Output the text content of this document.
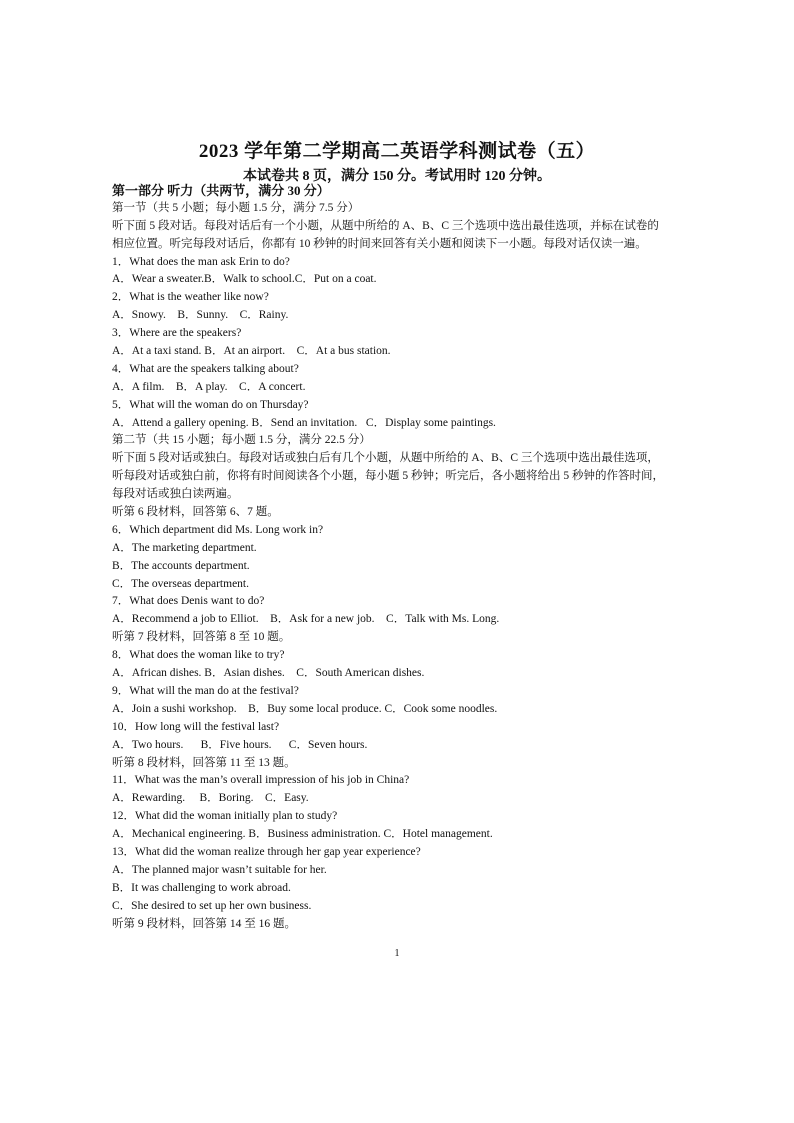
2023 学年第二学期高二英语学科测试卷（五）
本试卷共 8 页，满分 150 分。考试用时 120 分钟。
第一部分 听力（共两节，满分 30 分）
第一节（共 5 小题；每小题 1.5 分，满分 7.5 分）
听下面 5 段对话。每段对话后有一个小题，从题中所给的 A、B、C 三个选项中选出最佳选项，并标在试卷的
相应位置。听完每段对话后，你都有 10 秒钟的时间来回答有关小题和阅读下一小题。每段对话仅读一遍。
1．What does the man ask Erin to do?
A．Wear a sweater.B．Walk to school.C．Put on a coat.
2．What is the weather like now?
A．Snowy.    B．Sunny.    C．Rainy.
3．Where are the speakers?
A．At a taxi stand. B．At an airport.    C．At a bus station.
4．What are the speakers talking about?
A．A film.    B．A play.    C．A concert.
5．What will the woman do on Thursday?
A．Attend a gallery opening. B．Send an invitation.   C．Display some paintings.
第二节（共 15 小题；每小题 1.5 分，满分 22.5 分）
听下面 5 段对话或独白。每段对话或独白后有几个小题，从题中所给的 A、B、C 三个选项中选出最佳选项，
听每段对话或独白前，你将有时间阅读各个小题，每小题 5 秒钟；听完后，各小题将给出 5 秒钟的作答时间，
每段对话或独白读两遍。
听第 6 段材料，回答第 6、7 题。
6．Which department did Ms. Long work in?
A．The marketing department.
B．The accounts department.
C．The overseas department.
7．What does Denis want to do?
A．Recommend a job to Elliot.    B．Ask for a new job.    C．Talk with Ms. Long.
听第 7 段材料，回答第 8 至 10 题。
8．What does the woman like to try?
A．African dishes. B．Asian dishes.    C．South American dishes.
9．What will the man do at the festival?
A．Join a sushi workshop.    B．Buy some local produce. C．Cook some noodles.
10．How long will the festival last?
A．Two hours.      B．Five hours.      C．Seven hours.
听第 8 段材料，回答第 11 至 13 题。
11．What was the man’s overall impression of his job in China?
A．Rewarding.     B．Boring.    C．Easy.
12．What did the woman initially plan to study?
A．Mechanical engineering. B．Business administration. C．Hotel management.
13．What did the woman realize through her gap year experience?
A．The planned major wasn’t suitable for her.
B．It was challenging to work abroad.
C．She desired to set up her own business.
听第 9 段材料，回答第 14 至 16 题。
1
